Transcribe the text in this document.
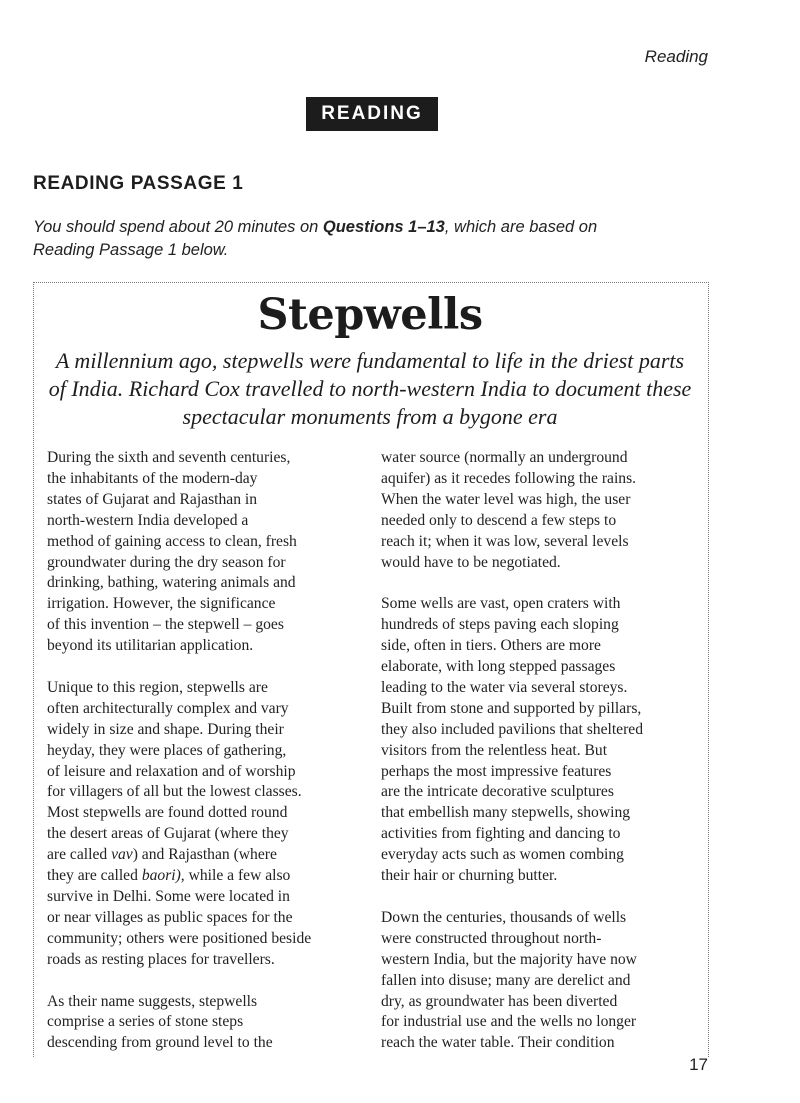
Reading
READING
READING PASSAGE 1
You should spend about 20 minutes on Questions 1–13, which are based on
Reading Passage 1 below.
Stepwells
A millennium ago, stepwells were fundamental to life in the driest parts of India. Richard Cox travelled to north-western India to document these spectacular monuments from a bygone era

During the sixth and seventh centuries,
the inhabitants of the modern-day
states of Gujarat and Rajasthan in
north-western India developed a
method of gaining access to clean, fresh
groundwater during the dry season for
drinking, bathing, watering animals and
irrigation. However, the significance
of this invention – the stepwell – goes
beyond its utilitarian application.

Unique to this region, stepwells are
often architecturally complex and vary
widely in size and shape. During their
heyday, they were places of gathering,
of leisure and relaxation and of worship
for villagers of all but the lowest classes.
Most stepwells are found dotted round
the desert areas of Gujarat (where they
are called vav) and Rajasthan (where
they are called baori), while a few also
survive in Delhi. Some were located in
or near villages as public spaces for the
community; others were positioned beside
roads as resting places for travellers.

As their name suggests, stepwells
comprise a series of stone steps
descending from ground level to the

water source (normally an underground
aquifer) as it recedes following the rains.
When the water level was high, the user
needed only to descend a few steps to
reach it; when it was low, several levels
would have to be negotiated.

Some wells are vast, open craters with
hundreds of steps paving each sloping
side, often in tiers. Others are more
elaborate, with long stepped passages
leading to the water via several storeys.
Built from stone and supported by pillars,
they also included pavilions that sheltered
visitors from the relentless heat. But
perhaps the most impressive features
are the intricate decorative sculptures
that embellish many stepwells, showing
activities from fighting and dancing to
everyday acts such as women combing
their hair or churning butter.

Down the centuries, thousands of wells
were constructed throughout north-
western India, but the majority have now
fallen into disuse; many are derelict and
dry, as groundwater has been diverted
for industrial use and the wells no longer
reach the water table. Their condition

17
